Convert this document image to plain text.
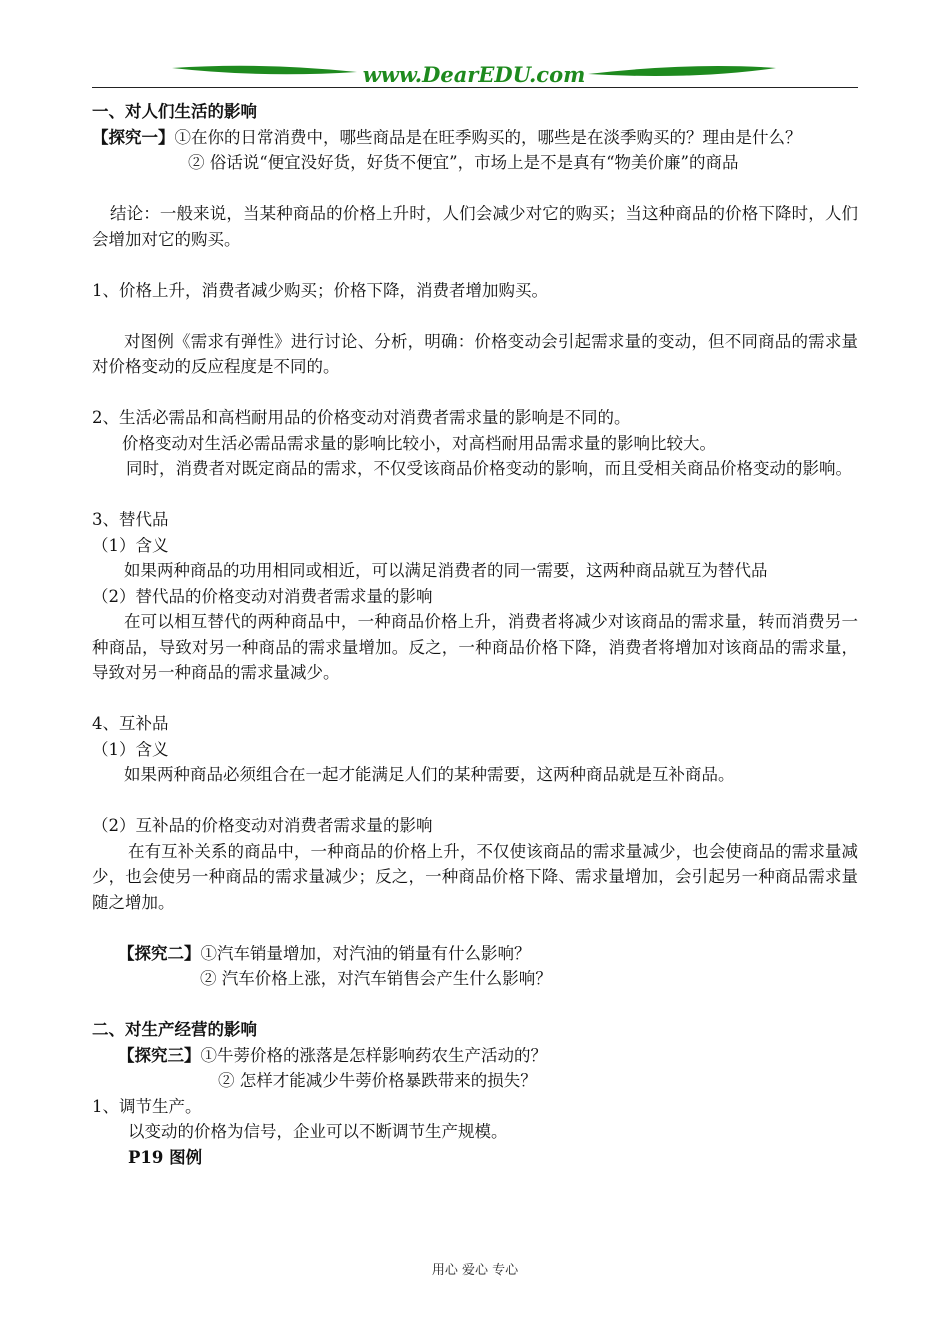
www.DearEDU.com

一、对人们生活的影响

【探究一】①在你的日常消费中，哪些商品是在旺季购买的，哪些是在淡季购买的？理由是什么？

② 俗话说“便宜没好货，好货不便宜”，市场上是不是真有“物美价廉”的商品

结论：一般来说，当某种商品的价格上升时，人们会减少对它的购买；当这种商品的价格下降时，人们会增加对它的购买。

1、价格上升，消费者减少购买；价格下降，消费者增加购买。

对图例《需求有弹性》进行讨论、分析，明确：价格变动会引起需求量的变动，但不同商品的需求量对价格变动的反应程度是不同的。

2、生活必需品和高档耐用品的价格变动对消费者需求量的影响是不同的。

价格变动对生活必需品需求量的影响比较小，对高档耐用品需求量的影响比较大。

同时，消费者对既定商品的需求，不仅受该商品价格变动的影响，而且受相关商品价格变动的影响。

3、替代品

（1）含义

如果两种商品的功用相同或相近，可以满足消费者的同一需要，这两种商品就互为替代品

（2）替代品的价格变动对消费者需求量的影响

在可以相互替代的两种商品中，一种商品价格上升，消费者将减少对该商品的需求量，转而消费另一种商品，导致对另一种商品的需求量增加。反之，一种商品价格下降，消费者将增加对该商品的需求量，导致对另一种商品的需求量减少。

4、互补品

（1）含义

如果两种商品必须组合在一起才能满足人们的某种需要，这两种商品就是互补商品。

（2）互补品的价格变动对消费者需求量的影响

在有互补关系的商品中，一种商品的价格上升，不仅使该商品的需求量减少，也会使商品的需求量减少，也会使另一种商品的需求量减少；反之，一种商品价格下降、需求量增加，会引起另一种商品需求量随之增加。

【探究二】①汽车销量增加，对汽油的销量有什么影响？

② 汽车价格上涨，对汽车销售会产生什么影响？

二、对生产经营的影响

【探究三】①牛蒡价格的涨落是怎样影响药农生产活动的？

② 怎样才能减少牛蒡价格暴跌带来的损失？

1、调节生产。

以变动的价格为信号，企业可以不断调节生产规模。

P19 图例

用心 爱心 专心
